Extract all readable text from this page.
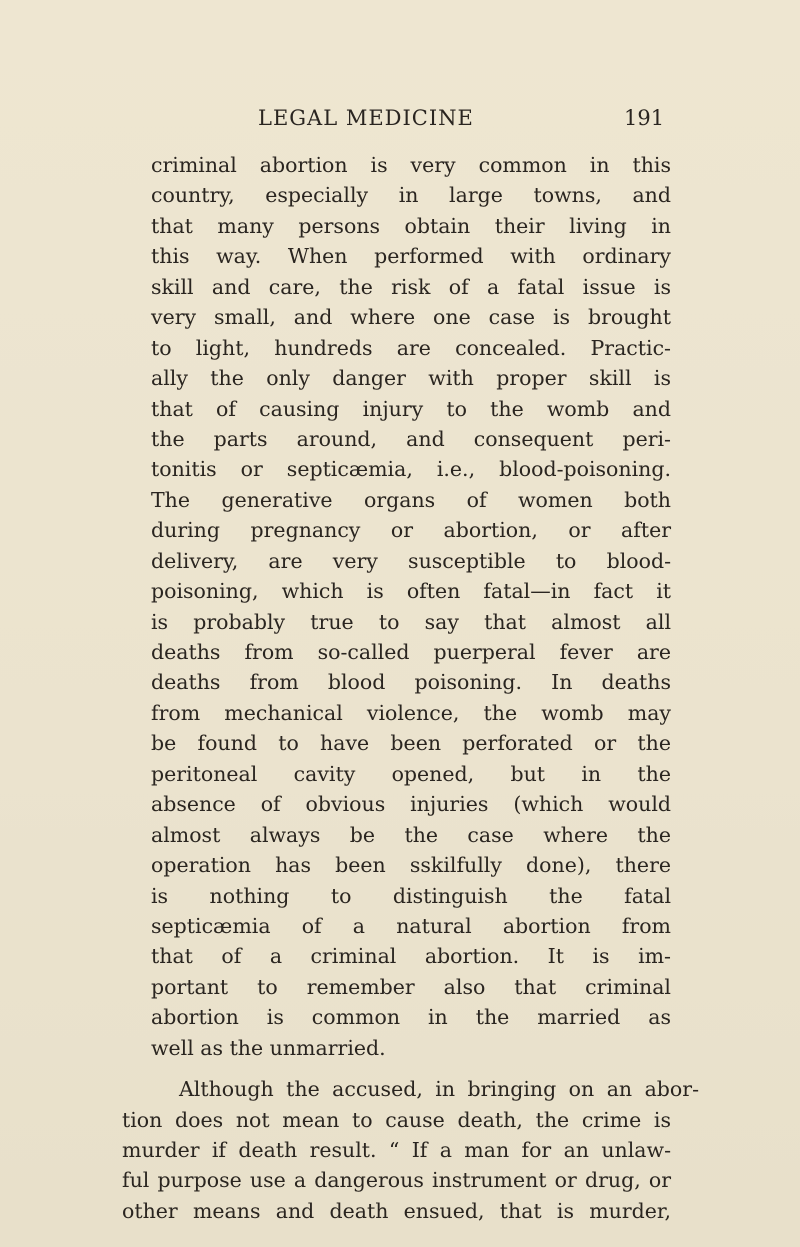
LEGAL MEDICINE	191

criminal abortion is very common in this
country, especially in large towns, and
that many persons obtain their living in
this way. When performed with ordinary
skill and care, the risk of a fatal issue is
very small, and where one case is brought
to light, hundreds are concealed. Practic-
ally the only danger with proper skill is
that of causing injury to the womb and
the parts around, and consequent peri-
tonitis or septicæmia, i.e., blood-poisoning.
The generative organs of women both
during pregnancy or abortion, or after
delivery, are very susceptible to blood-
poisoning, which is often fatal—in fact it
is probably true to say that almost all
deaths from so-called puerperal fever are
deaths from blood poisoning. In deaths
from mechanical violence, the womb may
be found to have been perforated or the
peritoneal cavity opened, but in the
absence of obvious injuries (which would
almost always be the case where the
operation has been sskilfully done), there
is nothing to distinguish the fatal
septicæmia of a natural abortion from
that of a criminal abortion. It is im-
portant to remember also that criminal
abortion is common in the married as
well as the unmarried.

Although the accused, in bringing on an abor-
tion does not mean to cause death, the crime is
murder if death result. “ If a man for an unlaw-
ful purpose use a dangerous instrument or drug, or
other means and death ensued, that is murder,
